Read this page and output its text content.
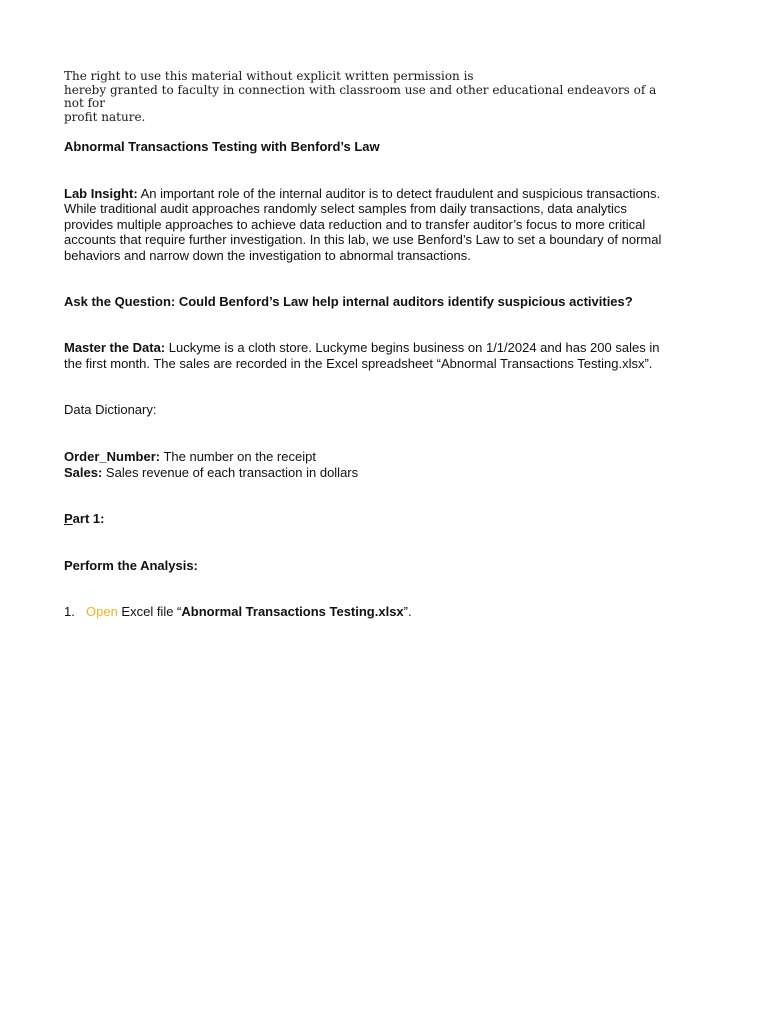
The right to use this material without explicit written permission is
hereby granted to faculty in connection with classroom use and other educational endeavors of a not for
profit nature.

Abnormal Transactions Testing with Benford’s Law

Lab Insight: An important role of the internal auditor is to detect fraudulent and suspicious transactions. While traditional audit approaches randomly select samples from daily transactions, data analytics provides multiple approaches to achieve data reduction and to transfer auditor’s focus to more critical accounts that require further investigation. In this lab, we use Benford’s Law to set a boundary of normal behaviors and narrow down the investigation to abnormal transactions.

Ask the Question: Could Benford’s Law help internal auditors identify suspicious activities?

Master the Data: Luckyme is a cloth store. Luckyme begins business on 1/1/2024 and has 200 sales in the first month. The sales are recorded in the Excel spreadsheet “Abnormal Transactions Testing.xlsx”.

Data Dictionary:

Order_Number: The number on the receipt
Sales: Sales revenue of each transaction in dollars

Part 1:

Perform the Analysis:

1. Open Excel file “Abnormal Transactions Testing.xlsx”.
